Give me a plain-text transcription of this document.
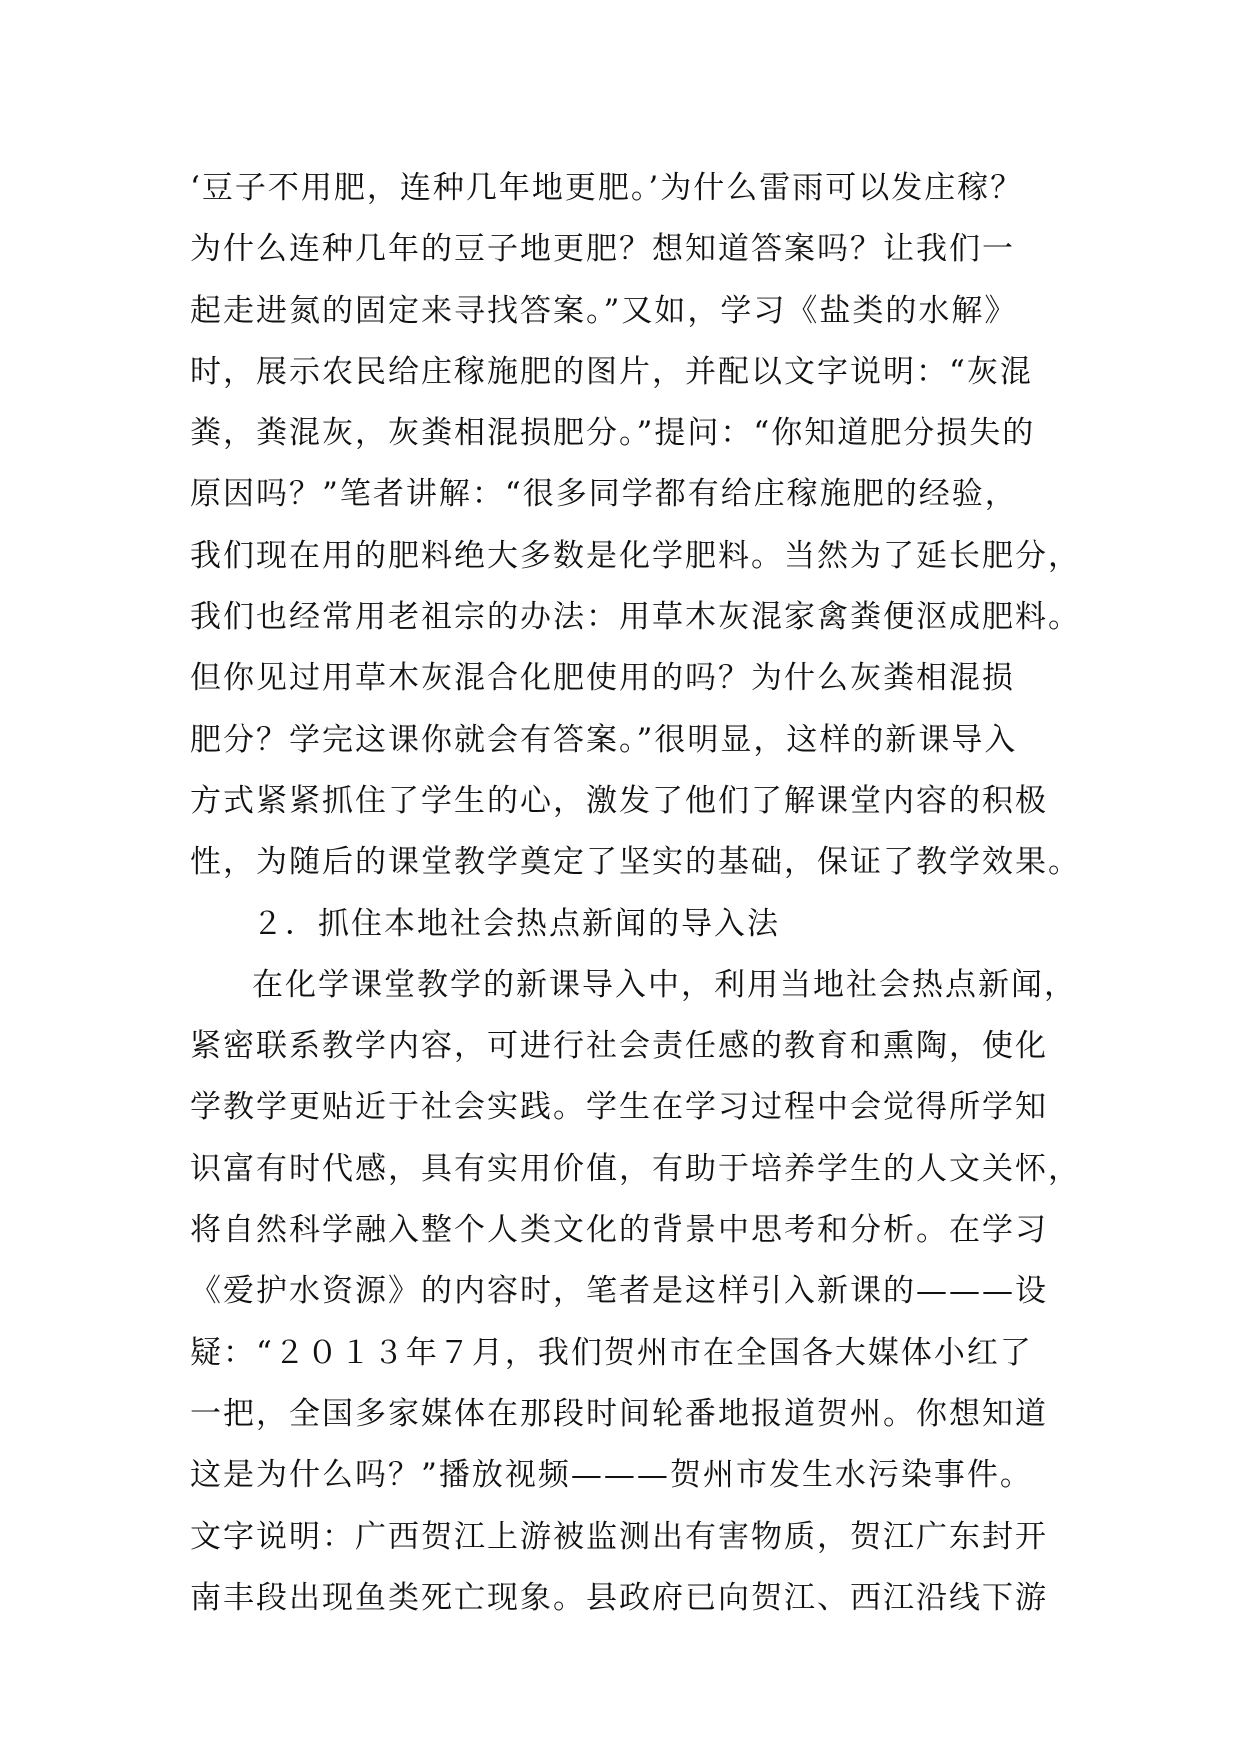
‘豆子不用肥，连种几年地更肥。’为什么雷雨可以发庄稼？
为什么连种几年的豆子地更肥？想知道答案吗？让我们一
起走进氮的固定来寻找答案。”又如，学习《盐类的水解》
时，展示农民给庄稼施肥的图片，并配以文字说明：“灰混
粪，粪混灰，灰粪相混损肥分。”提问：“你知道肥分损失的
原因吗？”笔者讲解：“很多同学都有给庄稼施肥的经验，
我们现在用的肥料绝大多数是化学肥料。当然为了延长肥分，
我们也经常用老祖宗的办法：用草木灰混家禽粪便沤成肥料。
但你见过用草木灰混合化肥使用的吗？为什么灰粪相混损
肥分？学完这课你就会有答案。”很明显，这样的新课导入
方式紧紧抓住了学生的心，激发了他们了解课堂内容的积极
性，为随后的课堂教学奠定了坚实的基础，保证了教学效果。
２．抓住本地社会热点新闻的导入法
在化学课堂教学的新课导入中，利用当地社会热点新闻，
紧密联系教学内容，可进行社会责任感的教育和熏陶，使化
学教学更贴近于社会实践。学生在学习过程中会觉得所学知
识富有时代感，具有实用价值，有助于培养学生的人文关怀，
将自然科学融入整个人类文化的背景中思考和分析。在学习
《爱护水资源》的内容时，笔者是这样引入新课的———设
疑：“２０１３年７月，我们贺州市在全国各大媒体小红了
一把，全国多家媒体在那段时间轮番地报道贺州。你想知道
这是为什么吗？”播放视频———贺州市发生水污染事件。
文字说明：广西贺江上游被监测出有害物质，贺江广东封开
南丰段出现鱼类死亡现象。县政府已向贺江、西江沿线下游
